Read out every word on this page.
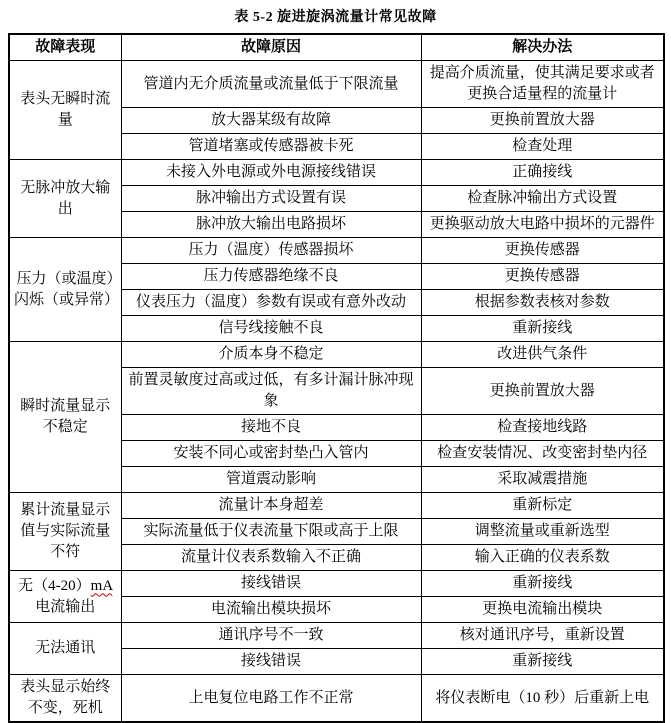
表 5-2 旋进旋涡流量计常见故障
故障表现	故障原因	解决办法
表头无瞬时流量	管道内无介质流量或流量低于下限流量	提高介质流量，使其满足要求或者更换合适量程的流量计
	放大器某级有故障	更换前置放大器
	管道堵塞或传感器被卡死	检查处理
无脉冲放大输出	未接入外电源或外电源接线错误	正确接线
	脉冲输出方式设置有误	检查脉冲输出方式设置
	脉冲放大输出电路损坏	更换驱动放大电路中损坏的元器件
压力（或温度）闪烁（或异常）	压力（温度）传感器损坏	更换传感器
	压力传感器绝缘不良	更换传感器
	仪表压力（温度）参数有误或有意外改动	根据参数表核对参数
	信号线接触不良	重新接线
瞬时流量显示不稳定	介质本身不稳定	改进供气条件
	前置灵敏度过高或过低，有多计漏计脉冲现象	更换前置放大器
	接地不良	检查接地线路
	安装不同心或密封垫凸入管内	检查安装情况、改变密封垫内径
	管道震动影响	采取减震措施
累计流量显示值与实际流量不符	流量计本身超差	重新标定
	实际流量低于仪表流量下限或高于上限	调整流量或重新选型
	流量计仪表系数输入不正确	输入正确的仪表系数
无（4-20）mA 电流输出	接线错误	重新接线
	电流输出模块损坏	更换电流输出模块
无法通讯	通讯序号不一致	核对通讯序号，重新设置
	接线错误	重新接线
表头显示始终不变，死机	上电复位电路工作不正常	将仪表断电（10 秒）后重新上电
